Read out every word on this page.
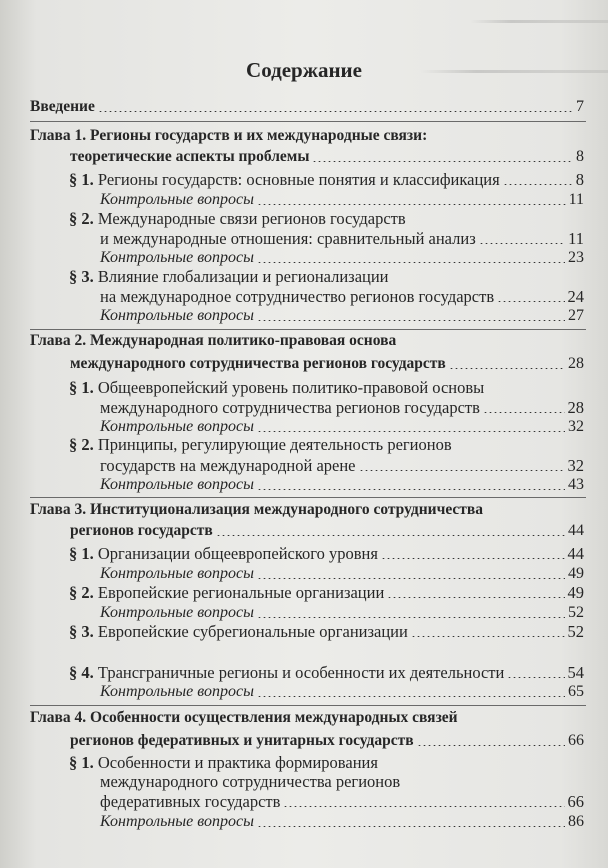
Содержание
Введение	7
Глава 1. Регионы государств и их международные связи:
теоретические аспекты проблемы	8
§ 1. Регионы государств: основные понятия и классификация	8
Контрольные вопросы	11
§ 2. Международные связи регионов государств
и международные отношения: сравнительный анализ	11
Контрольные вопросы	23
§ 3. Влияние глобализации и регионализации
на международное сотрудничество регионов государств	24
Контрольные вопросы	27
Глава 2. Международная политико-правовая основа
международного сотрудничества регионов государств	28
§ 1. Общеевропейский уровень политико-правовой основы
международного сотрудничества регионов государств	28
Контрольные вопросы	32
§ 2. Принципы, регулирующие деятельность регионов
государств на международной арене	32
Контрольные вопросы	43
Глава 3. Институционализация международного сотрудничества
регионов государств	44
§ 1. Организации общеевропейского уровня	44
Контрольные вопросы	49
§ 2. Европейские региональные организации	49
Контрольные вопросы	52
§ 3. Европейские субрегиональные организации	52
§ 4. Трансграничные регионы и особенности их деятельности	54
Контрольные вопросы	65
Глава 4. Особенности осуществления международных связей
регионов федеративных и унитарных государств	66
§ 1. Особенности и практика формирования
международного сотрудничества регионов
федеративных государств	66
Контрольные вопросы	86
